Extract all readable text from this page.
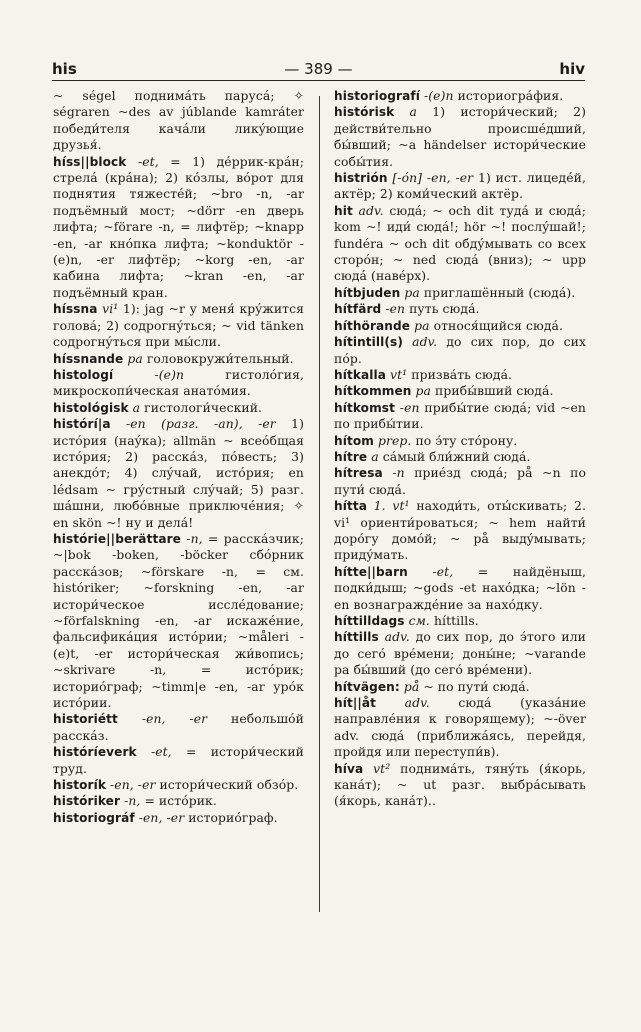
his	— 389 —	hiv

~ ségel поднимáть парусá; ✧ ségraren ~des av júblande kamráter победи́теля качáли ликýющие друзья́.

híss||block -et, = 1) дéррик-крáн; стрелá (крáна); 2) кóзлы, вóрот для поднятия тяжестéй; ~bro -n, -ar подъёмный мост; ~dörr -en дверь лифта; ~förare -n, = лифтёр; ~knapp -en, -ar кнóпка лифта; ~konduktör -(e)n, -er лифтёр; ~korg -en, -ar кабина лифта; ~kran -en, -ar подъёмный кран.

híssna vi¹ 1): jag ~r у меня́ крýжится головá; 2) содрогнýться; ~ vid tänken содрогнýться при мы́сли.

híssnande pa головокружи́тельный.

histologí	-(e)n	гистолóгия, микроскопи́ческая анатóмия.

histológisk a гистологи́ческий.

histórí|a -en (разг. -an), -er 1) истóрия (наýка); allmän ~ всеóбщая истóрия; 2) расскáз, пóвесть; 3) анекдóт; 4) слýчай, истóрия; en lédsam ~ грýстный слýчай; 5) разг. шáшни, любóвные приключéния; ✧ en skön ~! ну и делá!

histórie||berättare -n, = расскáзчик; ~|bok -boken, -böcker сбóрник расскáзов; ~förskare -n, = см. históriker; ~forskning -en, -ar истори́ческое исслéдование; ~förfalskning -en, -ar искажéние, фальсификáция истóрии; ~måleri -(e)t, -er истори́ческая жи́вопись; ~skrivare -n, = истóрик; историóграф; ~timm|e -en, -ar урóк истóрии.

historiétt -en, -er небольшóй расскáз.

históríeverk -et, = истори́ческий труд.

historík -en, -er истори́ческий обзóр.

históriker -n, = истóрик.

historiográf -en, -er историóграф.

historiografí -(e)n историогрáфия.

histórisk a 1) истори́ческий; 2) действи́тельно происшéдший, бы́вший; ~a händelser истори́ческие собы́тия.

histrión [-ón] -en, -er 1) ист. лицедéй, актёр; 2) коми́ческий актёр.

hit adv. сюдá; ~ och dit тудá и сюдá; kom ~! иди́ сюдá!; hör ~! послýшай!; fundéra ~ och dit обдýмывать со всех сторóн; ~ ned сюдá (вниз); ~ upp сюдá (навéрх).

hítbjuden pa приглашённый (сюдá).

hítfärd -en путь сюдá.

híthörande pa относя́щийся сюдá.

hítintill(s) adv. до сих пор, до сих пóр.

hítkalla vt¹ призвáть сюдá.

hítkommen pa прибы́вший сюдá.

hítkomst -en прибы́тие сюдá; vid ~en по прибы́тии.

hítom prep. по э́ту стóрону.

hítre a сáмый бли́жний сюдá.

hítresa -n приéзд сюдá; på ~n по пути́ сюдá.

hítta 1. vt¹ находи́ть, оты́скивать; 2. vi¹ ориенти́роваться; ~ hem найти́ дорóгу домóй; ~ på выдýмывать; придýмать.

hítte||barn -et, = найдёныш, подки́дыш; ~gods -et нахóдка; ~lön -en вознаграждéние за нахóдку.

híttilldags см. híttills.

híttills adv. до сих пор, до э́того или до сегó врéмени; доны́не; ~varande pa бы́вший (до сегó врéмени).

hítvägen: på ~ по пути́ сюдá.

hít||åt adv. сюдá (указáние направлéния к говорящему); ~-över adv. сюдá (приближáясь, перейдя, пройдя или переступи́в).

híva vt² поднимáть, тянýть (я́корь, канáт); ~ ut разг. выбрáсывать (я́корь, канáт)..
